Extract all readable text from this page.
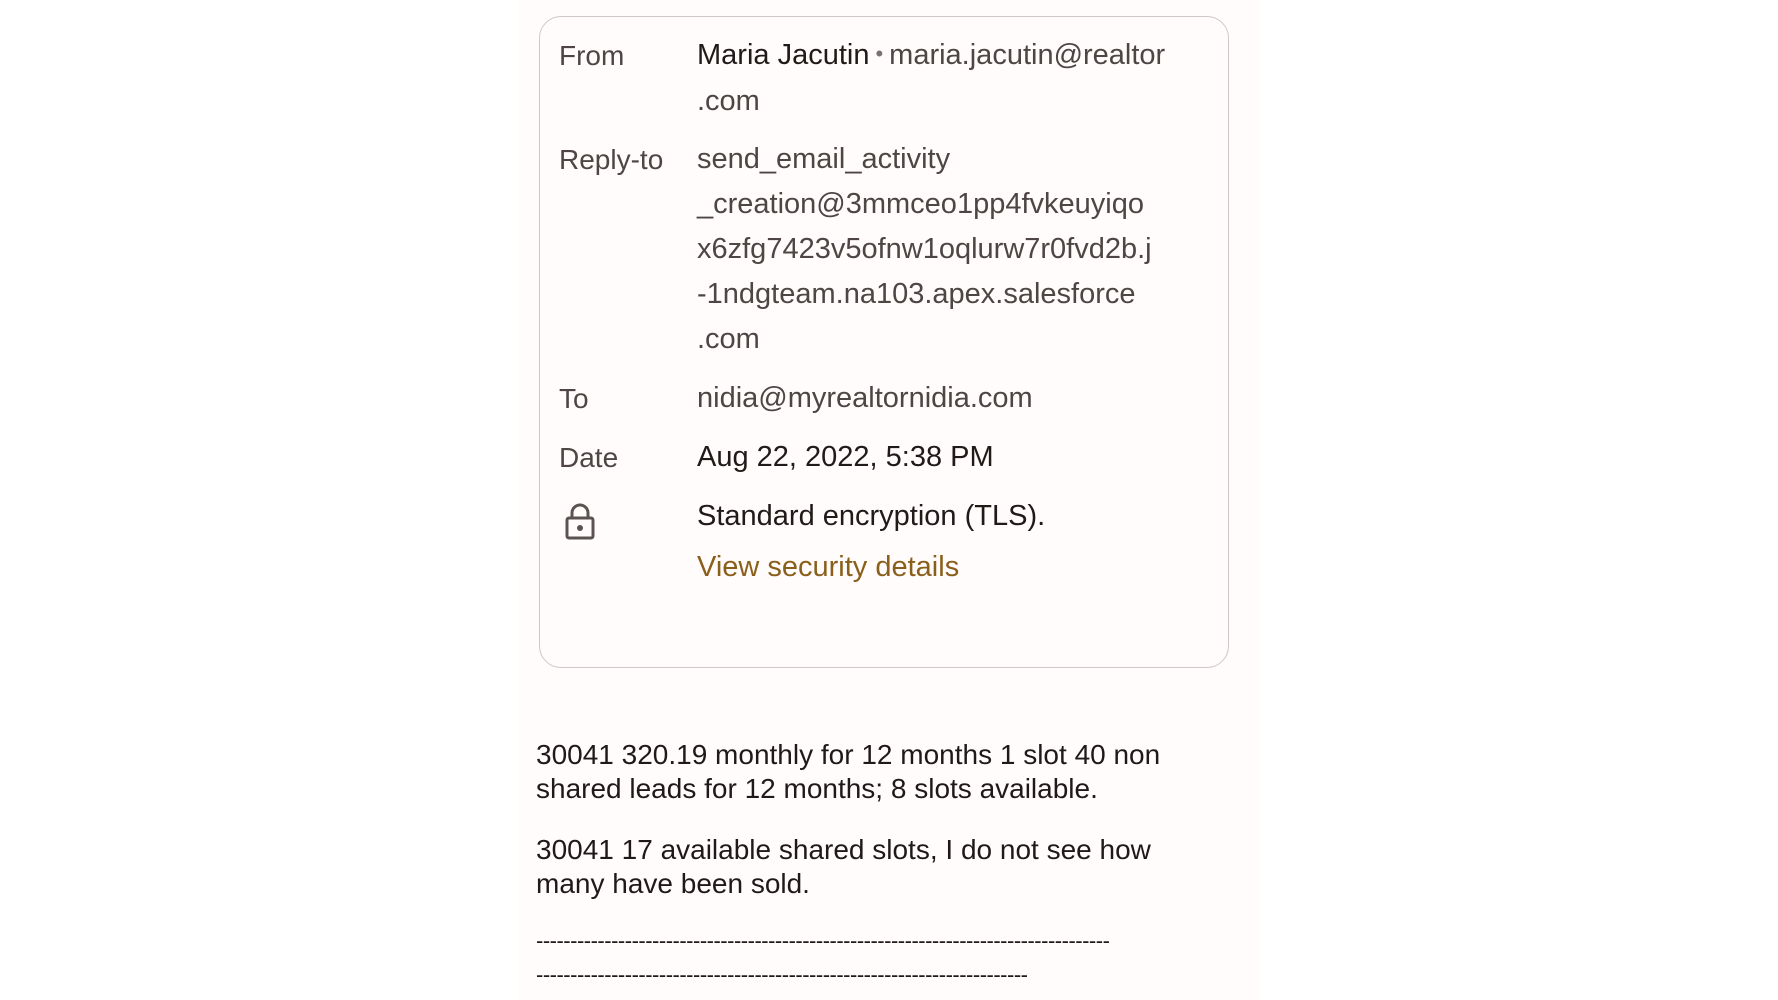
From	Maria Jacutin • maria.jacutin@realtor
.com
Reply-to send_email_activity
_creation@3mmceo1pp4fvkeuyiqo
x6zfg7423v5ofnw1oqlurw7r0fvd2b.j
-1ndgteam.na103.apex.salesforce
.com
To	nidia@myrealtornidia.com
Date	Aug 22, 2022, 5:38 PM
Standard encryption (TLS).
View security details
30041 320.19 monthly for 12 months 1 slot 40 non
shared leads for 12 months; 8 slots available.
30041 17 available shared slots, I do not see how
many have been sold.
------------------------------------------------------------------------------------
------------------------------------------------------------------------
